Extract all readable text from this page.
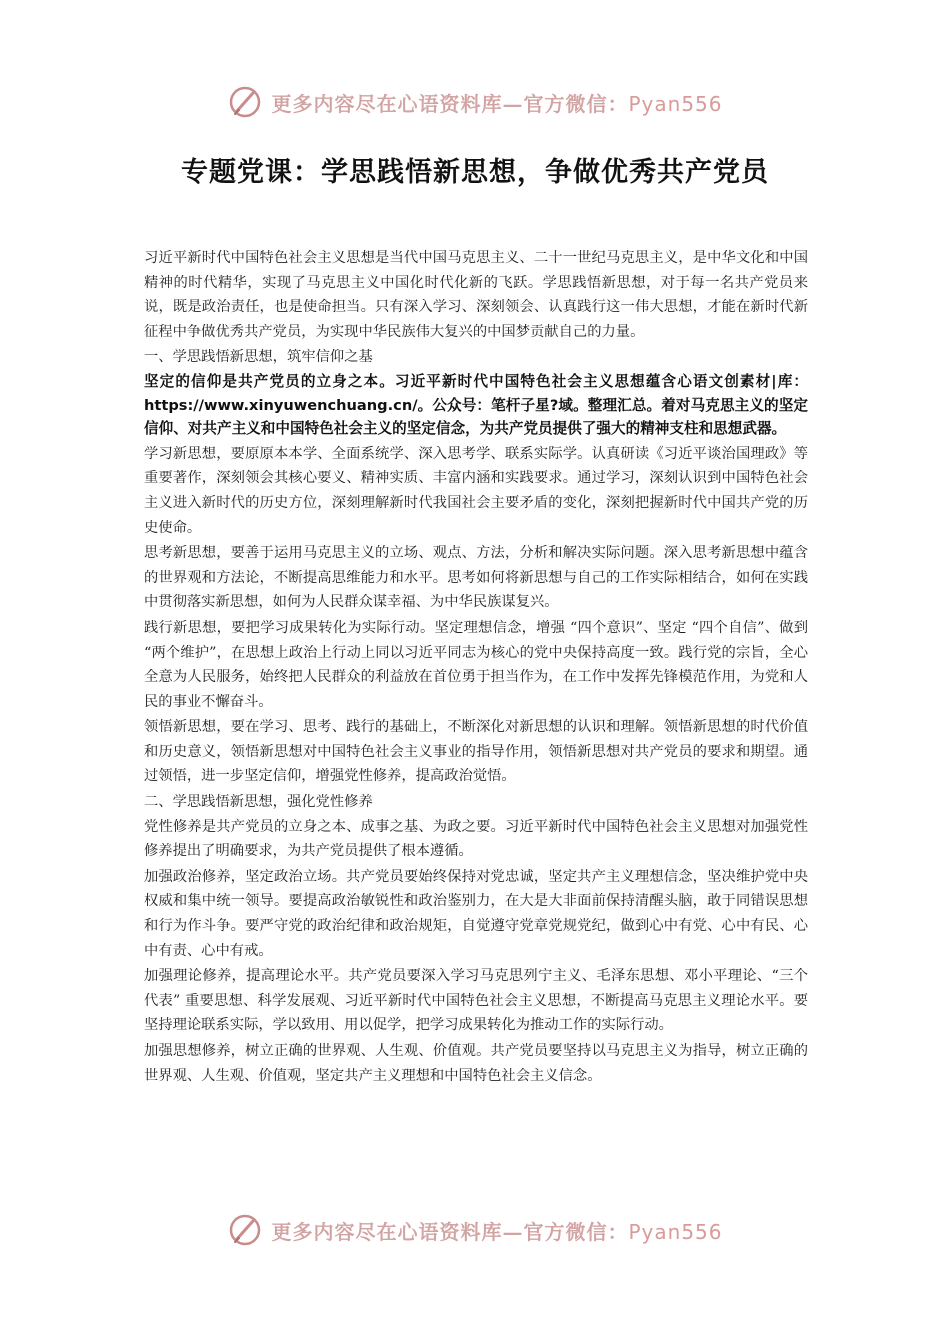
更多内容尽在心语资料库—官方微信：Pyan556
专题党课：学思践悟新思想，争做优秀共产党员

习近平新时代中国特色社会主义思想是当代中国马克思主义、二十一世纪马克思主义，是中华文化和中国精神的时代精华，实现了马克思主义中国化时代化新的飞跃。学思践悟新思想，对于每一名共产党员来说，既是政治责任，也是使命担当。只有深入学习、深刻领会、认真践行这一伟大思想，才能在新时代新征程中争做优秀共产党员，为实现中华民族伟大复兴的中国梦贡献自己的力量。

一、学思践悟新思想，筑牢信仰之基

坚定的信仰是共产党员的立身之本。习近平新时代中国特色社会主义思想蕴含心语文创素材|库：https://www.xinyuwenchuang.cn/。公众号：笔杆子星?域。整理汇总。着对马克思主义的坚定信仰、对共产主义和中国特色社会主义的坚定信念，为共产党员提供了强大的精神支柱和思想武器。

学习新思想，要原原本本学、全面系统学、深入思考学、联系实际学。认真研读《习近平谈治国理政》等重要著作，深刻领会其核心要义、精神实质、丰富内涵和实践要求。通过学习，深刻认识到中国特色社会主义进入新时代的历史方位，深刻理解新时代我国社会主要矛盾的变化，深刻把握新时代中国共产党的历史使命。

思考新思想，要善于运用马克思主义的立场、观点、方法，分析和解决实际问题。深入思考新思想中蕴含的世界观和方法论，不断提高思维能力和水平。思考如何将新思想与自己的工作实际相结合，如何在实践中贯彻落实新思想，如何为人民群众谋幸福、为中华民族谋复兴。

践行新思想，要把学习成果转化为实际行动。坚定理想信念，增强 “四个意识”、坚定 “四个自信”、做到 “两个维护”，在思想上政治上行动上同以习近平同志为核心的党中央保持高度一致。践行党的宗旨，全心全意为人民服务，始终把人民群众的利益放在首位勇于担当作为，在工作中发挥先锋模范作用，为党和人民的事业不懈奋斗。

领悟新思想，要在学习、思考、践行的基础上，不断深化对新思想的认识和理解。领悟新思想的时代价值和历史意义，领悟新思想对中国特色社会主义事业的指导作用，领悟新思想对共产党员的要求和期望。通过领悟，进一步坚定信仰，增强党性修养，提高政治觉悟。

二、学思践悟新思想，强化党性修养

党性修养是共产党员的立身之本、成事之基、为政之要。习近平新时代中国特色社会主义思想对加强党性修养提出了明确要求，为共产党员提供了根本遵循。

加强政治修养，坚定政治立场。共产党员要始终保持对党忠诚，坚定共产主义理想信念，坚决维护党中央权威和集中统一领导。要提高政治敏锐性和政治鉴别力，在大是大非面前保持清醒头脑，敢于同错误思想和行为作斗争。要严守党的政治纪律和政治规矩，自觉遵守党章党规党纪，做到心中有党、心中有民、心中有责、心中有戒。

加强理论修养，提高理论水平。共产党员要深入学习马克思列宁主义、毛泽东思想、邓小平理论、“三个代表” 重要思想、科学发展观、习近平新时代中国特色社会主义思想，不断提高马克思主义理论水平。要坚持理论联系实际，学以致用、用以促学，把学习成果转化为推动工作的实际行动。

加强思想修养，树立正确的世界观、人生观、价值观。共产党员要坚持以马克思主义为指导，树立正确的世界观、人生观、价值观，坚定共产主义理想和中国特色社会主义信念。

更多内容尽在心语资料库—官方微信：Pyan556
